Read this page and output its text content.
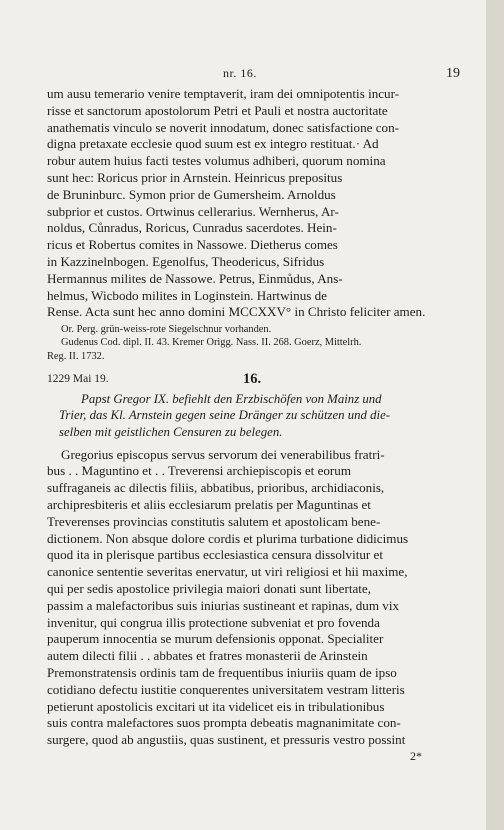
nr. 16.	19
um ausu temerario venire temptaverit, iram dei omnipotentis incur-
risse et sanctorum apostolorum Petri et Pauli et nostra auctoritate
anathematis vinculo se noverit innodatum, donec satisfactione con-
digna pretaxate ecclesie quod suum est ex integro restituat.· Ad
robur autem huius facti testes volumus adhiberi, quorum nomina
sunt hec: Roricus prior in Arnstein. Heinricus prepositus
de Bruninburc. Symon prior de Gumersheim. Arnoldus
subprior et custos. Ortwinus cellerarius. Wernherus, Ar-
noldus, Cůnradus, Roricus, Cunradus sacerdotes. Hein-
ricus et Robertus comites in Nassowe. Dietherus comes
in Kazzinelnbogen. Egenolfus, Theodericus, Sifridus
Hermannus milites de Nassowe. Petrus, Einmůdus, Ans-
helmus, Wicbodo milites in Loginstein. Hartwinus de
Rense. Acta sunt hec anno domini MCCXXV° in Christo feliciter amen.
Or. Perg. grün-weiss-rote Siegelschnur vorhanden.
Gudenus Cod. dipl. II. 43. Kremer Origg. Nass. II. 268. Goerz, Mittelrh.
Reg. II. 1732.
1229 Mai 19.	16.
Papst Gregor IX. befiehlt den Erzbischöfen von Mainz und
Trier, das Kl. Arnstein gegen seine Dränger zu schützen und die-
selben mit geistlichen Censuren zu belegen.
Gregorius episcopus servus servorum dei venerabilibus fratri-
bus . . Maguntino et . . Treverensi archiepiscopis et eorum
suffraganeis ac dilectis filiis, abbatibus, prioribus, archidiaconis,
archipresbiteris et aliis ecclesiarum prelatis per Maguntinas et
Treverenses provincias constitutis salutem et apostolicam bene-
dictionem. Non absque dolore cordis et plurima turbatione didicimus
quod ita in plerisque partibus ecclesiastica censura dissolvitur et
canonice sententie severitas enervatur, ut viri religiosi et hii maxime,
qui per sedis apostolice privilegia maiori donati sunt libertate,
passim a malefactoribus suis iniurias sustineant et rapinas, dum vix
invenitur, qui congrua illis protectione subveniat et pro fovenda
pauperum innocentia se murum defensionis opponat. Specialiter
autem dilecti filii . . abbates et fratres monasterii de Arinstein
Premonstratensis ordinis tam de frequentibus iniuriis quam de ipso
cotidiano defectu iustitie conquerentes universitatem vestram litteris
petierunt apostolicis excitari ut ita videlicet eis in tribulationibus
suis contra malefactores suos prompta debeatis magnanimitate con-
surgere, quod ab angustiis, quas sustinent, et pressuris vestro possint
2*
